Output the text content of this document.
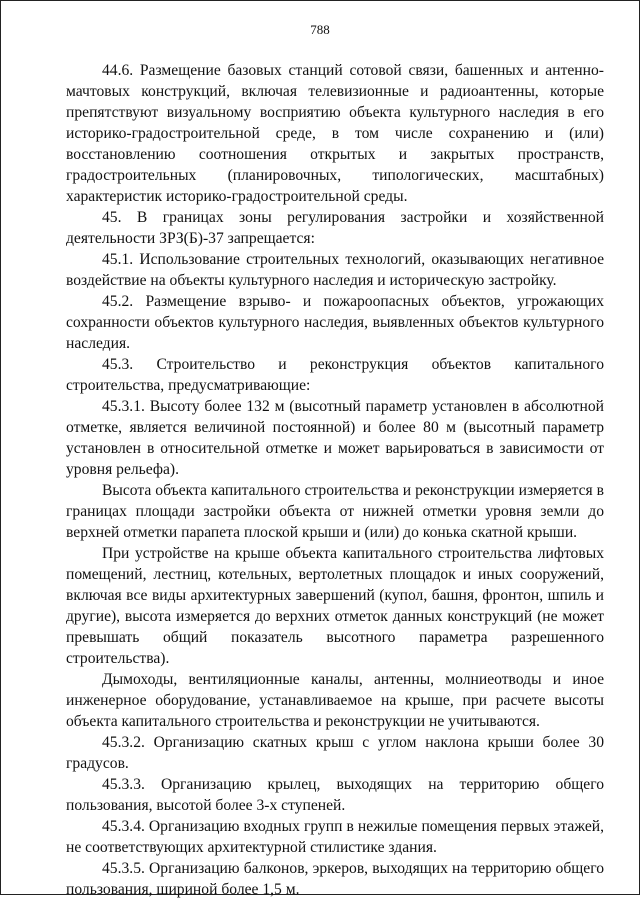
788

44.6. Размещение базовых станций сотовой связи, башенных и антенно-мачтовых конструкций, включая телевизионные и радиоантенны, которые препятствуют визуальному восприятию объекта культурного наследия в его историко-градостроительной среде, в том числе сохранению и (или) восстановлению соотношения открытых и закрытых пространств, градостроительных (планировочных, типологических, масштабных) характеристик историко-градостроительной среды.

45. В границах зоны регулирования застройки и хозяйственной деятельности ЗРЗ(Б)-37 запрещается:

45.1. Использование строительных технологий, оказывающих негативное воздействие на объекты культурного наследия и историческую застройку.

45.2. Размещение взрыво- и пожароопасных объектов, угрожающих сохранности объектов культурного наследия, выявленных объектов культурного наследия.

45.3. Строительство и реконструкция объектов капитального строительства, предусматривающие:

45.3.1. Высоту более 132 м (высотный параметр установлен в абсолютной отметке, является величиной постоянной) и более 80 м (высотный параметр установлен в относительной отметке и может варьироваться в зависимости от уровня рельефа).

Высота объекта капитального строительства и реконструкции измеряется в границах площади застройки объекта от нижней отметки уровня земли до верхней отметки парапета плоской крыши и (или) до конька скатной крыши.

При устройстве на крыше объекта капитального строительства лифтовых помещений, лестниц, котельных, вертолетных площадок и иных сооружений, включая все виды архитектурных завершений (купол, башня, фронтон, шпиль и другие), высота измеряется до верхних отметок данных конструкций (не может превышать общий показатель высотного параметра разрешенного строительства).

Дымоходы, вентиляционные каналы, антенны, молниеотводы и иное инженерное оборудование, устанавливаемое на крыше, при расчете высоты объекта капитального строительства и реконструкции не учитываются.

45.3.2. Организацию скатных крыш с углом наклона крыши более 30 градусов.

45.3.3. Организацию крылец, выходящих на территорию общего пользования, высотой более 3-х ступеней.

45.3.4. Организацию входных групп в нежилые помещения первых этажей, не соответствующих архитектурной стилистике здания.

45.3.5. Организацию балконов, эркеров, выходящих на территорию общего пользования, шириной более 1,5 м.
